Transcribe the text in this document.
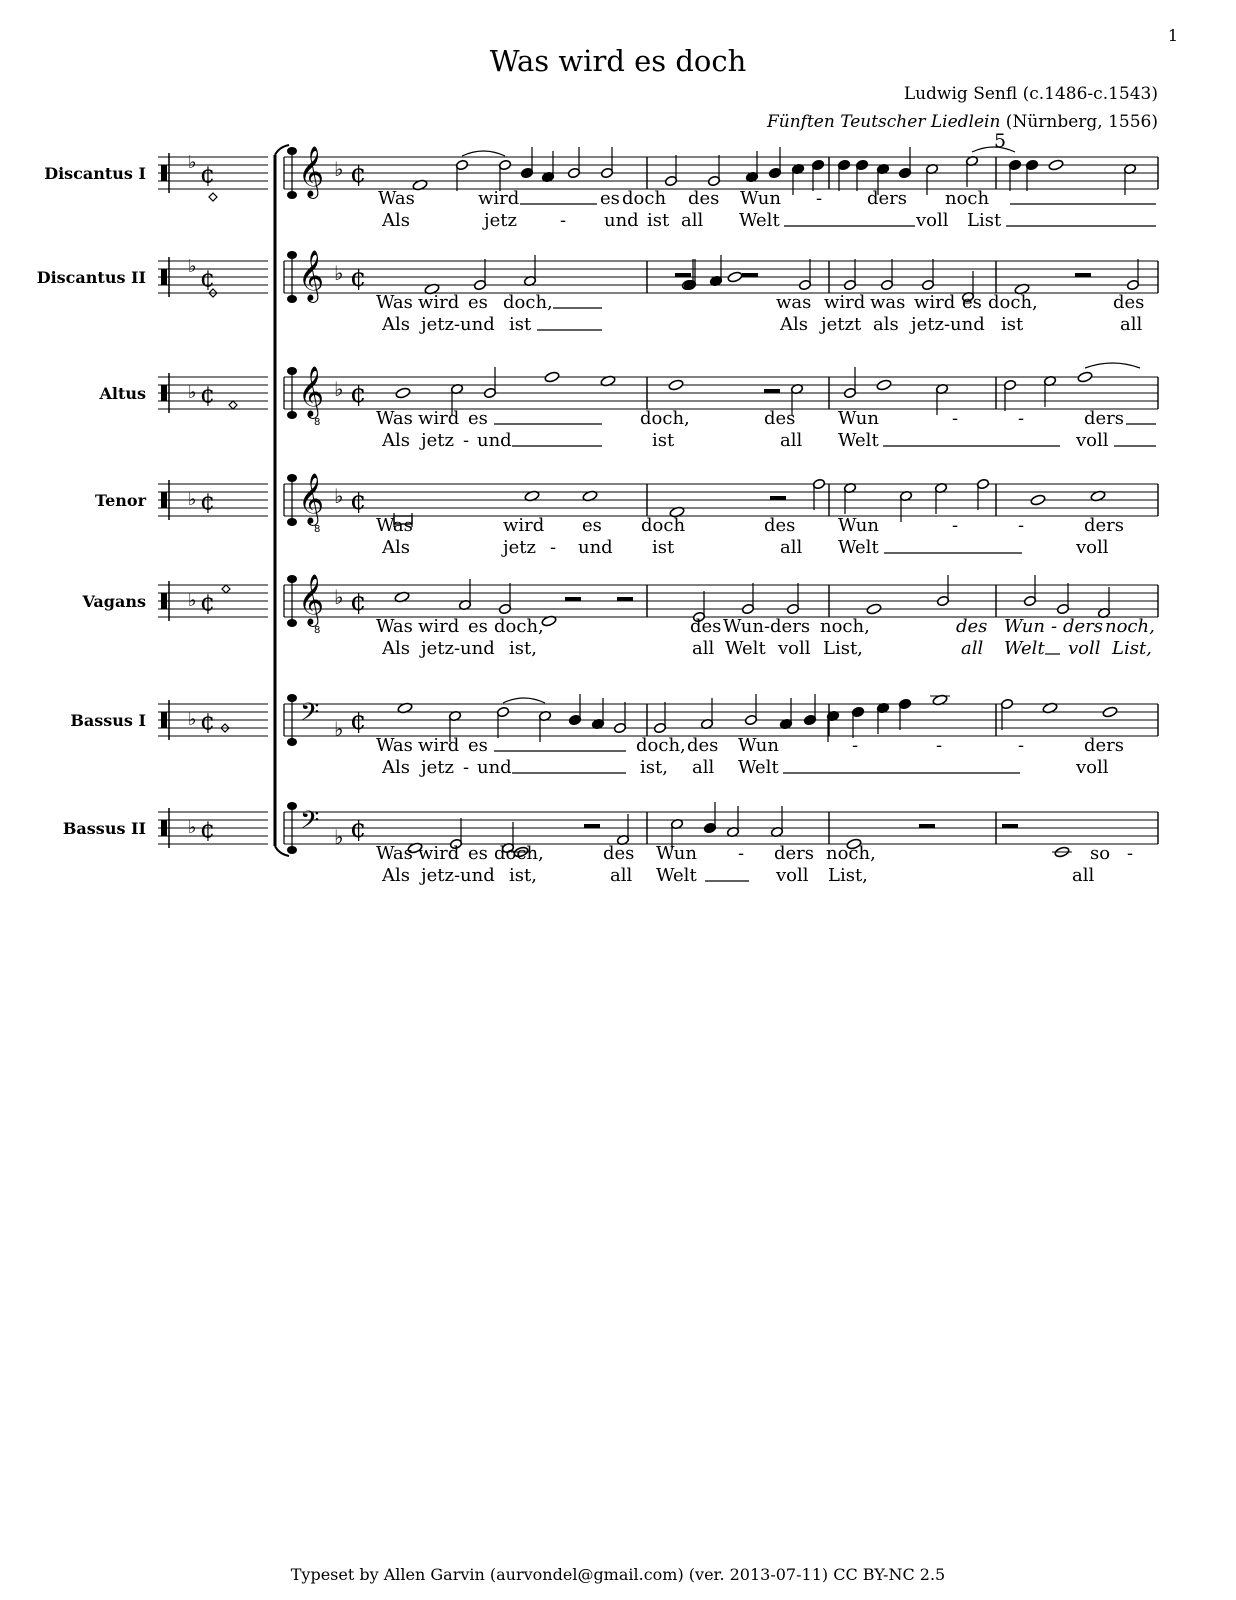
1
Was wird es doch
Ludwig Senfl (c.1486-c.1543)
Fünften Teutscher Liedlein (Nürnberg, 1556)
5
Discantus I
Discantus II
Altus
Tenor
Vagans
Bassus I
Bassus II
♭ ¢ 𝄞 ♭ ¢
♭ ¢ 𝄞 ♭ ¢
♭ ¢ 𝄞
8
♭ ¢
♭ ¢ 𝄞
8
♭ ¢
♭ ¢ 𝄞
8
♭ ¢
♭ ¢	𝄢 ♭ ¢
♭ ¢	𝄢 ♭ ¢
Was	wird	es doch des Wun - ders noch
Als	jetz - und ist all Welt	voll List
Was wird es doch,	was wird was wird es doch,	des
Als jetz-und ist	Als jetzt als jetz-und ist	all
Was wird es	doch,	des Wun	-	-	ders
Als jetz - und	ist	all Welt	voll
Was	wird es doch	des Wun	-	-	ders
Als	jetz - und ist	all Welt	voll
Was wird es doch,	des Wun-ders noch,	des Wun - ders noch,
Als jetz-und ist,	all Welt voll List,	all Welt voll List,
Was wird es	doch, des Wun	-	-	-	ders
Als jetz - und	ist, all Welt	voll
Was wird es doch,	des Wun - ders noch,	so -
Als jetz-und ist,	all Welt	voll List,	all
Typeset by Allen Garvin (aurvondel@gmail.com) (ver. 2013-07-11) CC BY-NC 2.5
